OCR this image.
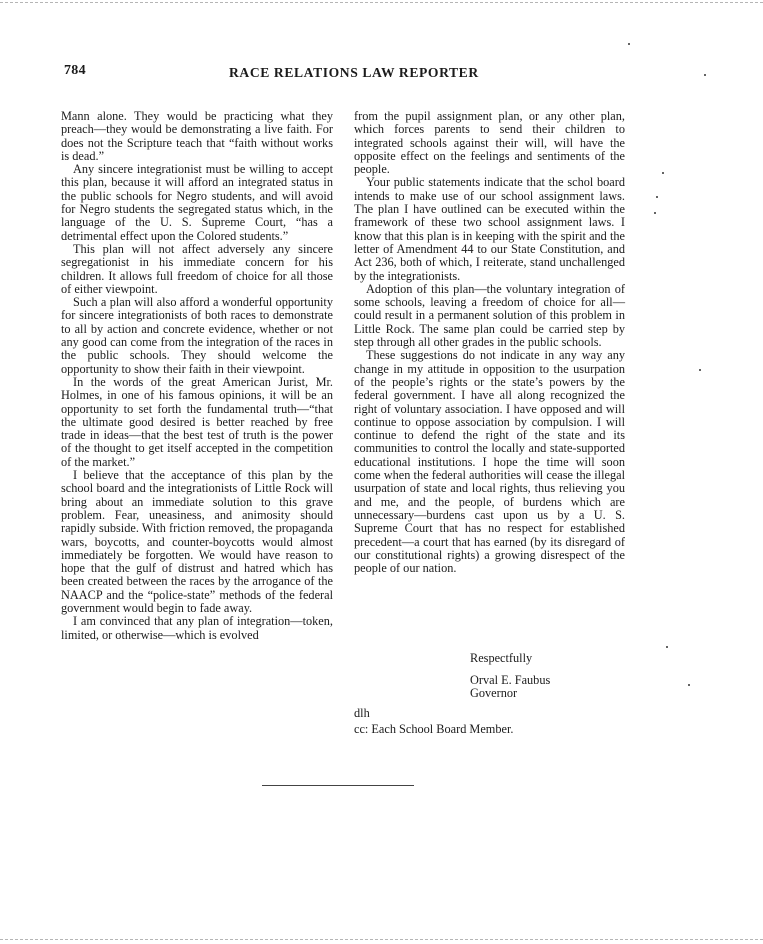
784	RACE RELATIONS LAW REPORTER

Mann alone. They would be practicing what they preach—they would be demonstrating a live faith. For does not the Scripture teach that “faith without works is dead.”

Any sincere integrationist must be willing to accept this plan, because it will afford an integrated status in the public schools for Negro students, and will avoid for Negro students the segregated status which, in the language of the U. S. Supreme Court, “has a detrimental effect upon the Colored students.”

This plan will not affect adversely any sincere segregationist in his immediate concern for his children. It allows full freedom of choice for all those of either viewpoint.

Such a plan will also afford a wonderful opportunity for sincere integrationists of both races to demonstrate to all by action and concrete evidence, whether or not any good can come from the integration of the races in the public schools. They should welcome the opportunity to show their faith in their viewpoint.

In the words of the great American Jurist, Mr. Holmes, in one of his famous opinions, it will be an opportunity to set forth the fundamental truth—“that the ultimate good desired is better reached by free trade in ideas—that the best test of truth is the power of the thought to get itself accepted in the competition of the market.”

I believe that the acceptance of this plan by the school board and the integrationists of Little Rock will bring about an immediate solution to this grave problem. Fear, uneasiness, and animosity should rapidly subside. With friction removed, the propaganda wars, boycotts, and counter-boycotts would almost immediately be forgotten. We would have reason to hope that the gulf of distrust and hatred which has been created between the races by the arrogance of the NAACP and the “police-state” methods of the federal government would begin to fade away.

I am convinced that any plan of integration—token, limited, or otherwise—which is evolved

from the pupil assignment plan, or any other plan, which forces parents to send their children to integrated schools against their will, will have the opposite effect on the feelings and sentiments of the people.

Your public statements indicate that the schol board intends to make use of our school assignment laws. The plan I have outlined can be executed within the framework of these two school assignment laws. I know that this plan is in keeping with the spirit and the letter of Amendment 44 to our State Constitution, and Act 236, both of which, I reiterate, stand unchallenged by the integrationists.

Adoption of this plan—the voluntary integration of some schools, leaving a freedom of choice for all—could result in a permanent solution of this problem in Little Rock. The same plan could be carried step by step through all other grades in the public schools.

These suggestions do not indicate in any way any change in my attitude in opposition to the usurpation of the people’s rights or the state’s powers by the federal government. I have all along recognized the right of voluntary association. I have opposed and will continue to oppose association by compulsion. I will continue to defend the right of the state and its communities to control the locally and state-supported educational institutions. I hope the time will soon come when the federal authorities will cease the illegal usurpation of state and local rights, thus relieving you and me, and the people, of burdens which are unnecessary—burdens cast upon us by a U. S. Supreme Court that has no respect for established precedent—a court that has earned (by its disregard of our constitutional rights) a growing disrespect of the people of our nation.

Respectfully
Orval E. Faubus
Governor
dlh
cc: Each School Board Member.
